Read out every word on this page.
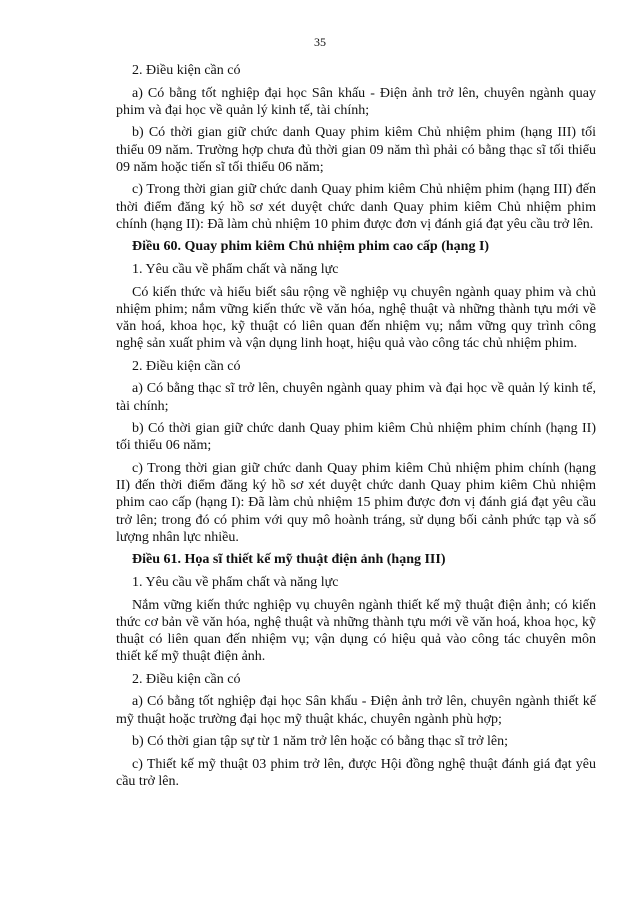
35

2. Điều kiện cần có

a) Có bằng tốt nghiệp đại học Sân khấu - Điện ảnh trở lên, chuyên ngành quay phim và đại học về quản lý kinh tế, tài chính;

b) Có thời gian giữ chức danh Quay phim kiêm Chủ nhiệm phim (hạng III) tối thiểu 09 năm. Trường hợp chưa đủ thời gian 09 năm thì phải có bằng thạc sĩ tối thiểu 09 năm hoặc tiến sĩ tối thiểu 06 năm;

c) Trong thời gian giữ chức danh Quay phim kiêm Chủ nhiệm phim (hạng III) đến thời điểm đăng ký hồ sơ xét duyệt chức danh Quay phim kiêm Chủ nhiệm phim chính (hạng II): Đã làm chủ nhiệm 10 phim được đơn vị đánh giá đạt yêu cầu trở lên.

Điều 60. Quay phim kiêm Chủ nhiệm phim cao cấp (hạng I)

1. Yêu cầu về phẩm chất và năng lực

Có kiến thức và hiểu biết sâu rộng về nghiệp vụ chuyên ngành quay phim và chủ nhiệm phim; nắm vững kiến thức về văn hóa, nghệ thuật và những thành tựu mới về văn hoá, khoa học, kỹ thuật có liên quan đến nhiệm vụ; nắm vững quy trình công nghệ sản xuất phim và vận dụng linh hoạt, hiệu quả vào công tác chủ nhiệm phim.

2. Điều kiện cần có

a) Có bằng thạc sĩ trở lên, chuyên ngành quay phim và đại học về quản lý kinh tế, tài chính;

b) Có thời gian giữ chức danh Quay phim kiêm Chủ nhiệm phim chính (hạng II) tối thiểu 06 năm;

c) Trong thời gian giữ chức danh Quay phim kiêm Chủ nhiệm phim chính (hạng II) đến thời điểm đăng ký hồ sơ xét duyệt chức danh Quay phim kiêm Chủ nhiệm phim cao cấp (hạng I): Đã làm chủ nhiệm 15 phim được đơn vị đánh giá đạt yêu cầu trở lên; trong đó có phim với quy mô hoành tráng, sử dụng bối cảnh phức tạp và số lượng nhân lực nhiều.

Điều 61. Họa sĩ thiết kế mỹ thuật điện ảnh (hạng III)

1. Yêu cầu về phẩm chất và năng lực

Nắm vững kiến thức nghiệp vụ chuyên ngành thiết kế mỹ thuật điện ảnh; có kiến thức cơ bản về văn hóa, nghệ thuật và những thành tựu mới về văn hoá, khoa học, kỹ thuật có liên quan đến nhiệm vụ; vận dụng có hiệu quả vào công tác chuyên môn thiết kế mỹ thuật điện ảnh.

2. Điều kiện cần có

a) Có bằng tốt nghiệp đại học Sân khấu - Điện ảnh trở lên, chuyên ngành thiết kế mỹ thuật hoặc trường đại học mỹ thuật khác, chuyên ngành phù hợp;

b) Có thời gian tập sự từ 1 năm trở lên hoặc có bằng thạc sĩ trở lên;

c) Thiết kế mỹ thuật 03 phim trở lên, được Hội đồng nghệ thuật đánh giá đạt yêu cầu trở lên.
